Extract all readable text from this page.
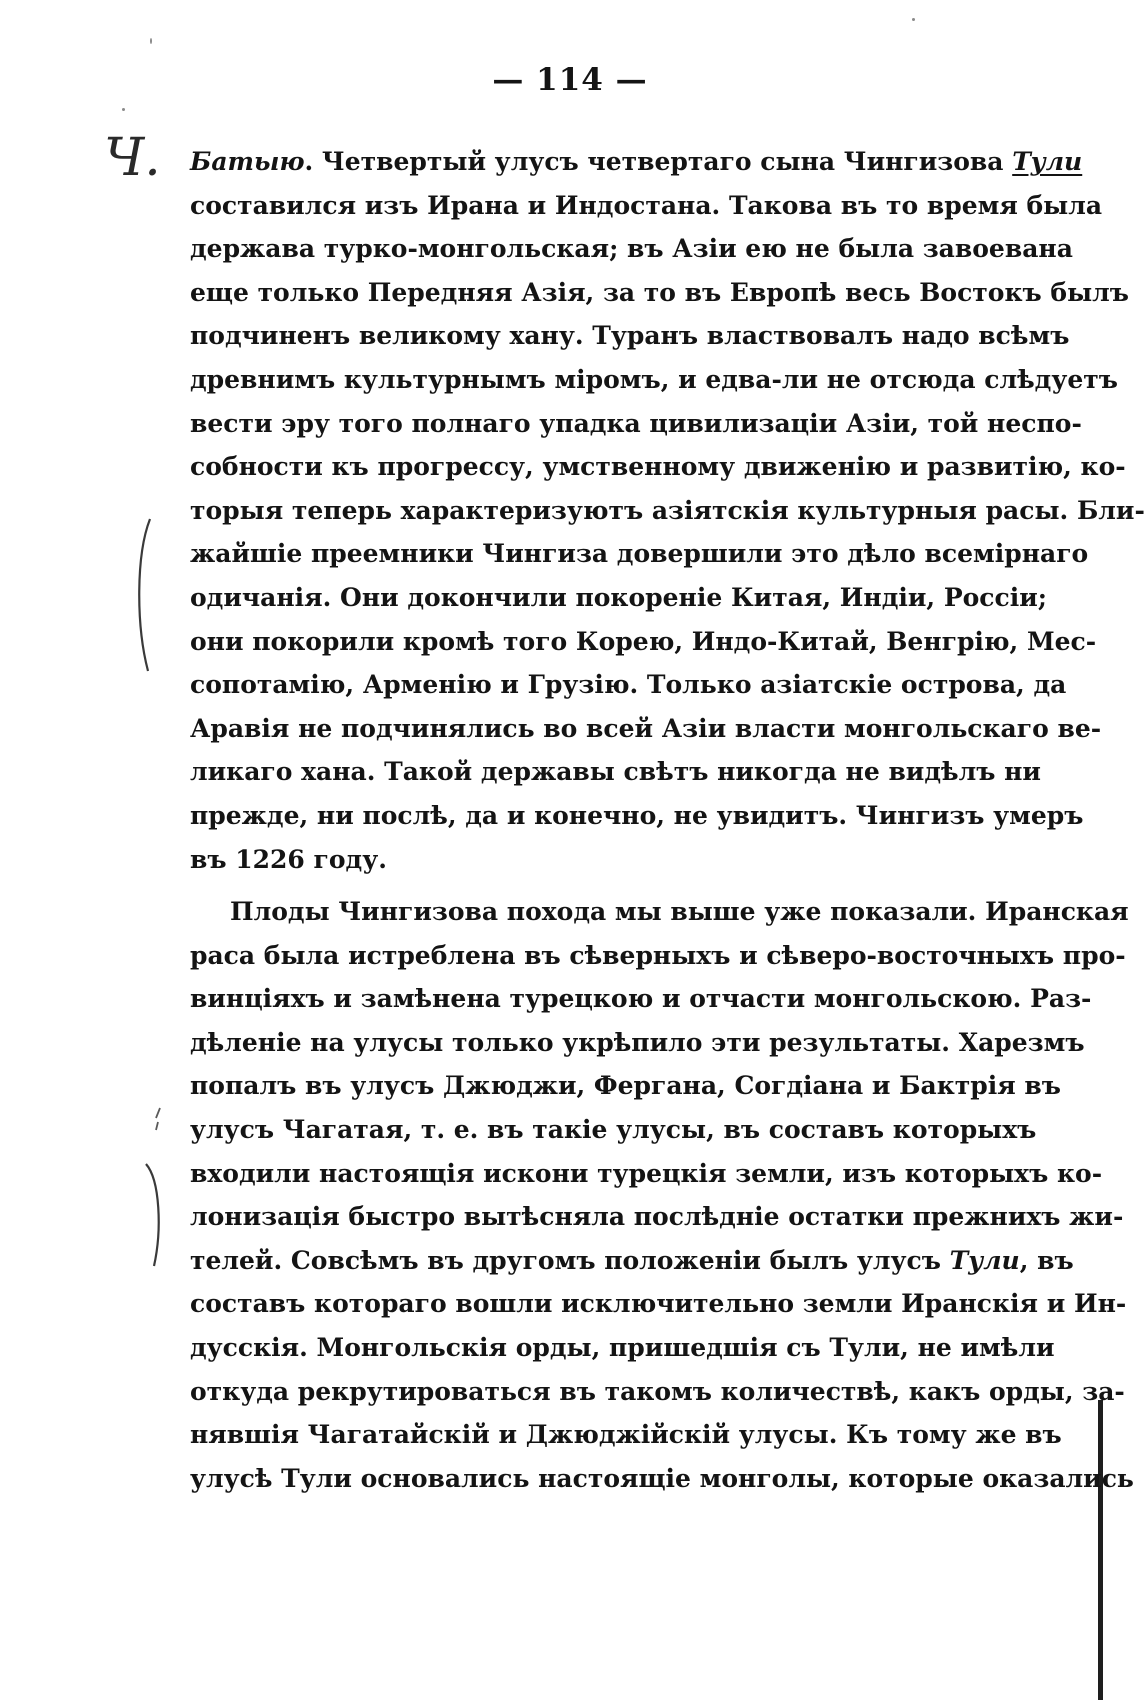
— 114 —
Ч. Батыю. Четвертый улусъ четвертаго сына Чингизова Тули
составился изъ Ирана и Индостана. Такова въ то время была
держава турко-монгольская; въ Азіи ею не была завоевана
еще только Передняя Азія, за то въ Европѣ весь Востокъ былъ
подчиненъ великому хану. Туранъ властвовалъ надо всѣмъ
древнимъ культурнымъ міромъ, и едва-ли не отсюда слѣдуетъ
вести эру того полнаго упадка цивилизаціи Азіи, той неспо-
собности къ прогрессу, умственному движенію и развитію, ко-
торыя теперь характеризуютъ азіятскія культурныя расы. Бли-
жайшіе преемники Чингиза довершили это дѣло всемірнаго
одичанія. Они докончили покореніе Китая, Индіи, Россіи;
они покорили кромѣ того Корею, Индо-Китай, Венгрію, Мес-
сопотамію, Арменію и Грузію. Только азіатскіе острова, да
Аравія не подчинялись во всей Азіи власти монгольскаго ве-
ликаго хана. Такой державы свѣтъ никогда не видѣлъ ни
прежде, ни послѣ, да и конечно, не увидитъ. Чингизъ умеръ
въ 1226 году.
Плоды Чингизова похода мы выше уже показали. Иранская
раса была истреблена въ сѣверныхъ и сѣверо-восточныхъ про-
винціяхъ и замѣнена турецкою и отчасти монгольскою. Раз-
дѣленіе на улусы только укрѣпило эти результаты. Харезмъ
попалъ въ улусъ Джюджи, Фергана, Согдіана и Бактрія въ
улусъ Чагатая, т. е. въ такіе улусы, въ составъ которыхъ
входили настоящія искони турецкія земли, изъ которыхъ ко-
лонизація быстро вытѣсняла послѣдніе остатки прежнихъ жи-
телей. Совсѣмъ въ другомъ положеніи былъ улусъ Тули, въ
составъ котораго вошли исключительно земли Иранскія и Ин-
дусскія. Монгольскія орды, пришедшія съ Тули, не имѣли
откуда рекрутироваться въ такомъ количествѣ, какъ орды, за-
нявшія Чагатайскій и Джюджійскій улусы. Къ тому же въ
улусѣ Тули основались настоящіе монголы, которые оказались
